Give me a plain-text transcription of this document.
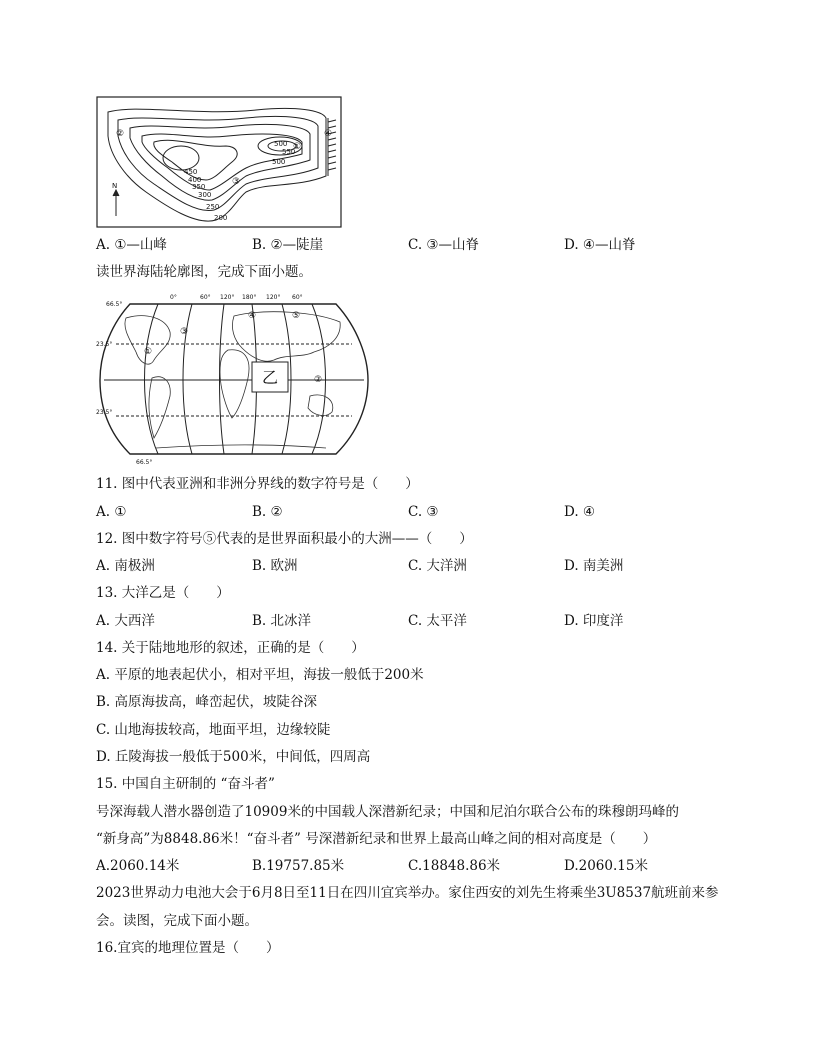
500
550
500
450
400
350
300
250
200
N
①
②
③
④
A. ①—山峰	B. ②—陡崖	C. ③—山脊	D. ④—山脊
读世界海陆轮廓图，完成下面小题。
乙
0°	60° 120° 180° 120° 60°
66.5°
23.5°
23.5°
66.5°
①
②
③
④	⑤
11. 图中代表亚洲和非洲分界线的数字符号是（　　）
A. ①	B. ②	C. ③	D. ④
12. 图中数字符号⑤代表的是世界面积最小的大洲——（　　）
A. 南极洲	B. 欧洲	C. 大洋洲	D. 南美洲
13. 大洋乙是（　　）
A. 大西洋	B. 北冰洋	C. 太平洋	D. 印度洋
14. 关于陆地地形的叙述，正确的是（　　）
A. 平原的地表起伏小，相对平坦，海拔一般低于200米
B. 高原海拔高，峰峦起伏，坡陡谷深
C. 山地海拔较高，地面平坦，边缘较陡
D. 丘陵海拔一般低于500米，中间低，四周高
15. 中国自主研制的 “奋斗者”
号深海载人潜水器创造了10909米的中国载人深潜新纪录；中国和尼泊尔联合公布的珠穆朗玛峰的
“新身高”为8848.86米！“奋斗者” 号深潜新纪录和世界上最高山峰之间的相对高度是（　　）
A.2060.14米	B.19757.85米	C.18848.86米	D.2060.15米
2023世界动力电池大会于6月8日至11日在四川宜宾举办。家住西安的刘先生将乘坐3U8537航班前来参
会。读图，完成下面小题。
16.宜宾的地理位置是（　　）
